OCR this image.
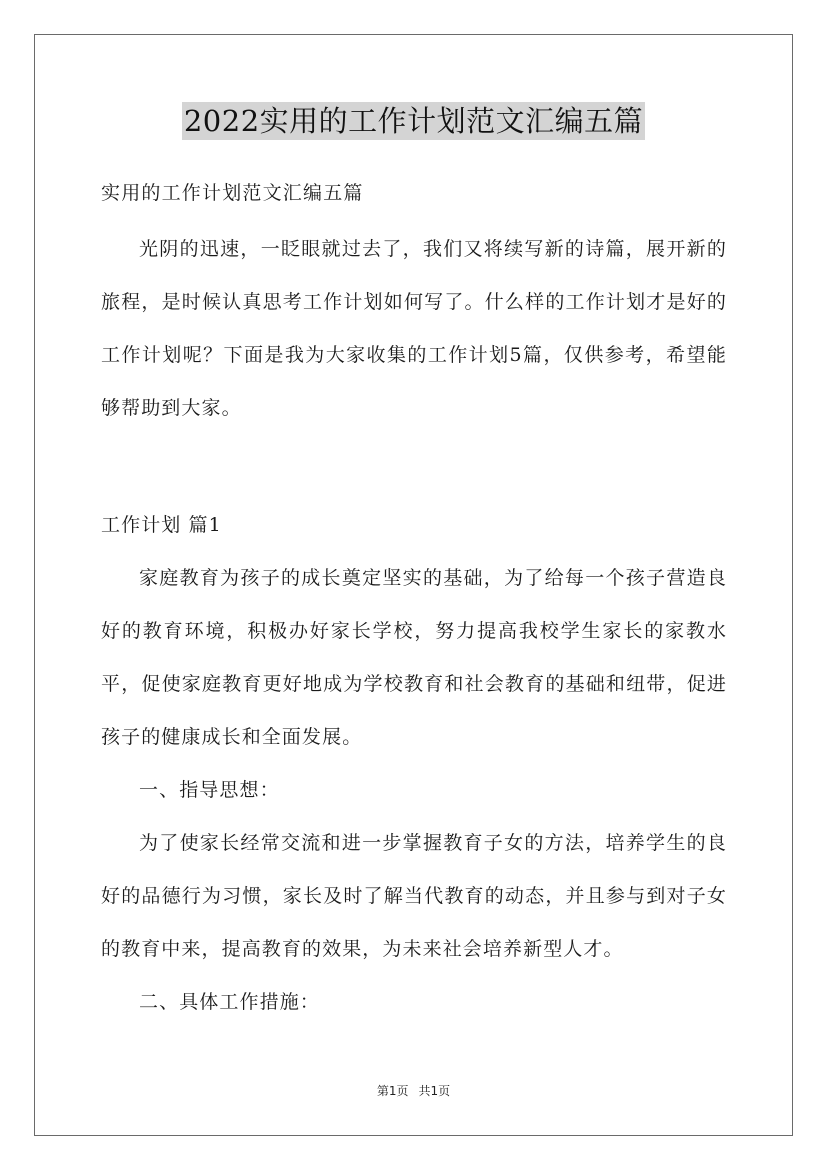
2022实用的工作计划范文汇编五篇
实用的工作计划范文汇编五篇

光阴的迅速，一眨眼就过去了，我们又将续写新的诗篇，展开新的旅程，是时候认真思考工作计划如何写了。什么样的工作计划才是好的工作计划呢？下面是我为大家收集的工作计划5篇，仅供参考，希望能够帮助到大家。

工作计划 篇1

家庭教育为孩子的成长奠定坚实的基础，为了给每一个孩子营造良好的教育环境，积极办好家长学校，努力提高我校学生家长的家教水平，促使家庭教育更好地成为学校教育和社会教育的基础和纽带，促进孩子的健康成长和全面发展。

一、指导思想：

为了使家长经常交流和进一步掌握教育子女的方法，培养学生的良好的品德行为习惯，家长及时了解当代教育的动态，并且参与到对子女的教育中来，提高教育的效果，为未来社会培养新型人才。

二、具体工作措施：

第1页 共1页
